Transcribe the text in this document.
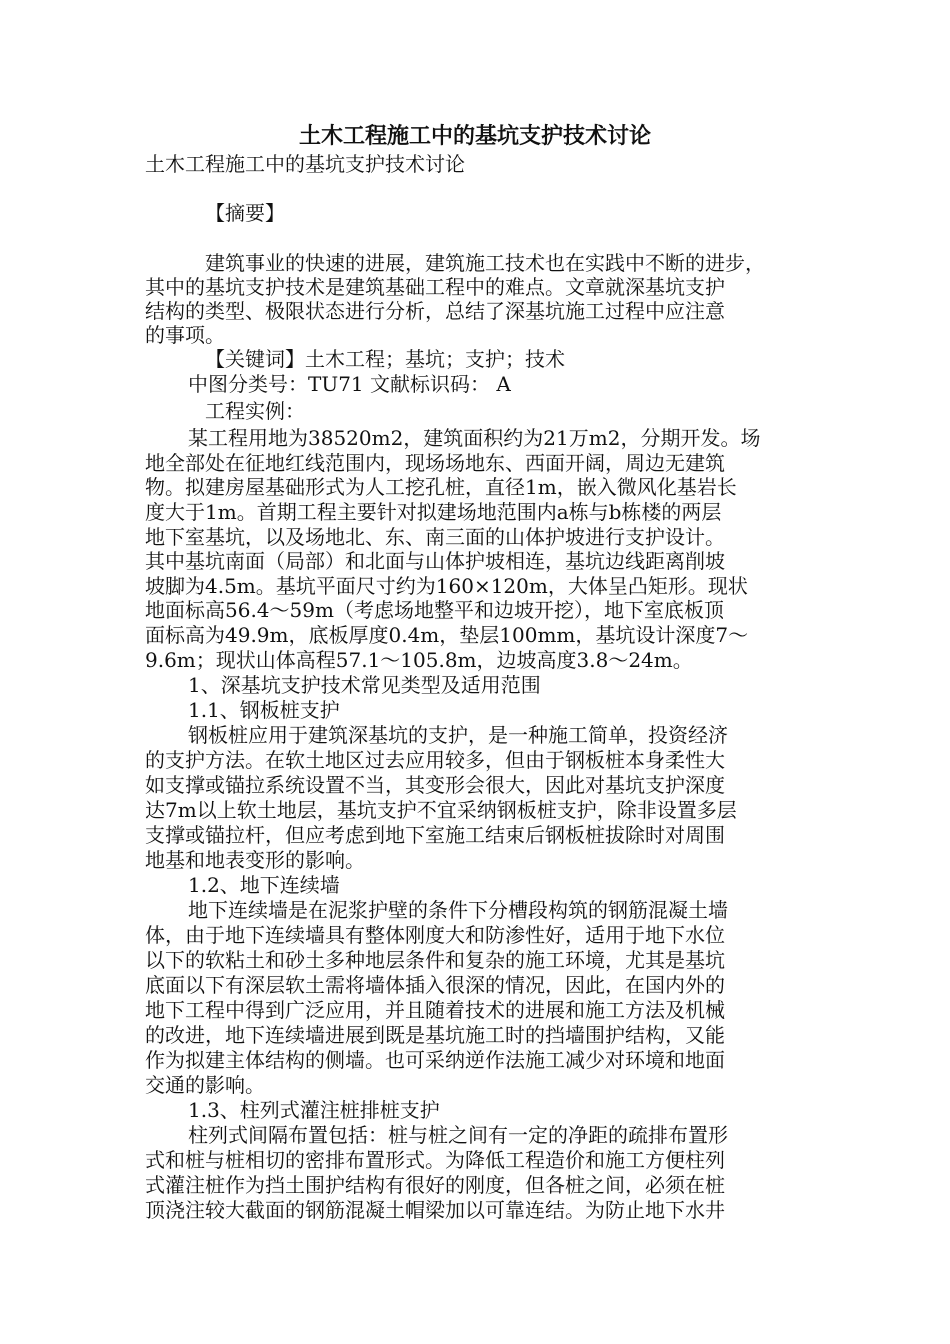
土木工程施工中的基坑支护技术讨论
土木工程施工中的基坑支护技术讨论
【摘要】
建筑事业的快速的进展，建筑施工技术也在实践中不断的进步，
其中的基坑支护技术是建筑基础工程中的难点。文章就深基坑支护
结构的类型、极限状态进行分析，总结了深基坑施工过程中应注意
的事项。
【关键词】土木工程；基坑；支护；技术
中图分类号：TU71 文献标识码： A
工程实例：
某工程用地为38520m2，建筑面积约为21万m2，分期开发。场
地全部处在征地红线范围内，现场场地东、西面开阔，周边无建筑
物。拟建房屋基础形式为人工挖孔桩，直径1m，嵌入微风化基岩长
度大于1m。首期工程主要针对拟建场地范围内a栋与b栋楼的两层
地下室基坑，以及场地北、东、南三面的山体护坡进行支护设计。
其中基坑南面（局部）和北面与山体护坡相连，基坑边线距离削坡
坡脚为4.5m。基坑平面尺寸约为160×120m，大体呈凸矩形。现状
地面标高56.4～59m（考虑场地整平和边坡开挖），地下室底板顶
面标高为49.9m，底板厚度0.4m，垫层100mm，基坑设计深度7～
9.6m；现状山体高程57.1～105.8m，边坡高度3.8～24m。
1、深基坑支护技术常见类型及适用范围
1.1、钢板桩支护
钢板桩应用于建筑深基坑的支护，是一种施工简单，投资经济
的支护方法。在软土地区过去应用较多，但由于钢板桩本身柔性大
如支撑或锚拉系统设置不当，其变形会很大，因此对基坑支护深度
达7m以上软土地层，基坑支护不宜采纳钢板桩支护，除非设置多层
支撑或锚拉杆，但应考虑到地下室施工结束后钢板桩拔除时对周围
地基和地表变形的影响。
1.2、地下连续墙
地下连续墙是在泥浆护壁的条件下分槽段构筑的钢筋混凝土墙
体，由于地下连续墙具有整体刚度大和防渗性好，适用于地下水位
以下的软粘土和砂土多种地层条件和复杂的施工环境，尤其是基坑
底面以下有深层软土需将墙体插入很深的情况，因此，在国内外的
地下工程中得到广泛应用，并且随着技术的进展和施工方法及机械
的改进，地下连续墙进展到既是基坑施工时的挡墙围护结构，又能
作为拟建主体结构的侧墙。也可采纳逆作法施工减少对环境和地面
交通的影响。
1.3、柱列式灌注桩排桩支护
柱列式间隔布置包括：桩与桩之间有一定的净距的疏排布置形
式和桩与桩相切的密排布置形式。为降低工程造价和施工方便柱列
式灌注桩作为挡土围护结构有很好的刚度，但各桩之间，必须在桩
顶浇注较大截面的钢筋混凝土帽梁加以可靠连结。为防止地下水井
